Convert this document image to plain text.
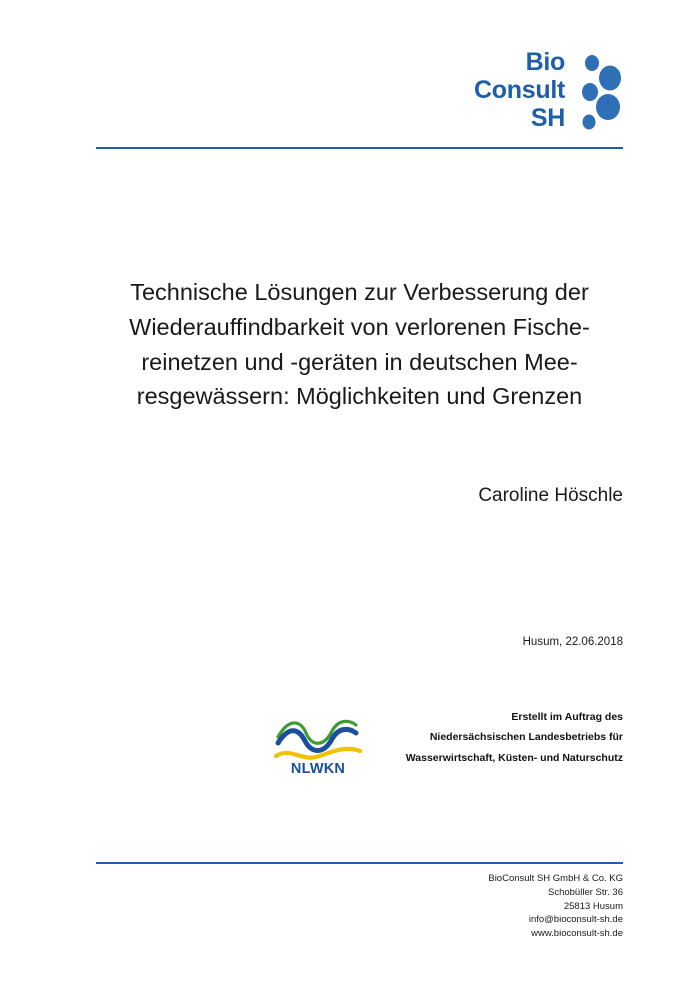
Bio
Consult
SH
Technische Lösungen zur Verbesserung der
Wiederauffindbarkeit von verlorenen Fische-
reinetzen und -geräten in deutschen Mee-
resgewässern: Möglichkeiten und Grenzen
Caroline Höschle
Husum, 22.06.2018
Erstellt im Auftrag des
Niedersächsischen Landesbetriebs für
Wasserwirtschaft, Küsten- und Naturschutz
NLWKN
BioConsult SH GmbH & Co. KG
Schobüller Str. 36
25813 Husum
info@bioconsult-sh.de
www.bioconsult-sh.de
